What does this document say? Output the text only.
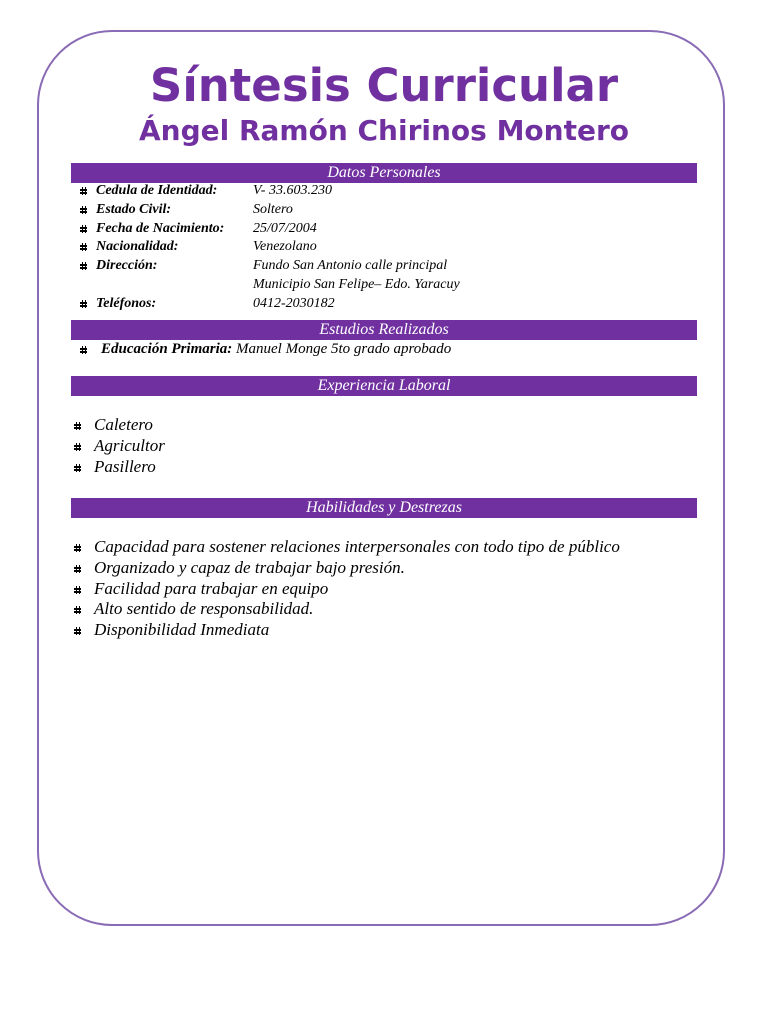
Síntesis Curricular
Ángel Ramón Chirinos Montero
Datos Personales
Cedula de Identidad:	V- 33.603.230
Estado Civil:	Soltero
Fecha de Nacimiento: 25/07/2004
Nacionalidad:	Venezolano
Dirección:	Fundo San Antonio calle principal
Municipio San Felipe– Edo. Yaracuy
Teléfonos:	0412-2030182
Estudios Realizados
Educación Primaria: Manuel Monge 5to grado aprobado
Experiencia Laboral
Caletero
Agricultor
Pasillero
Habilidades y Destrezas
Capacidad para sostener relaciones interpersonales con todo tipo de público
Organizado y capaz de trabajar bajo presión.
Facilidad para trabajar en equipo
Alto sentido de responsabilidad.
Disponibilidad Inmediata
